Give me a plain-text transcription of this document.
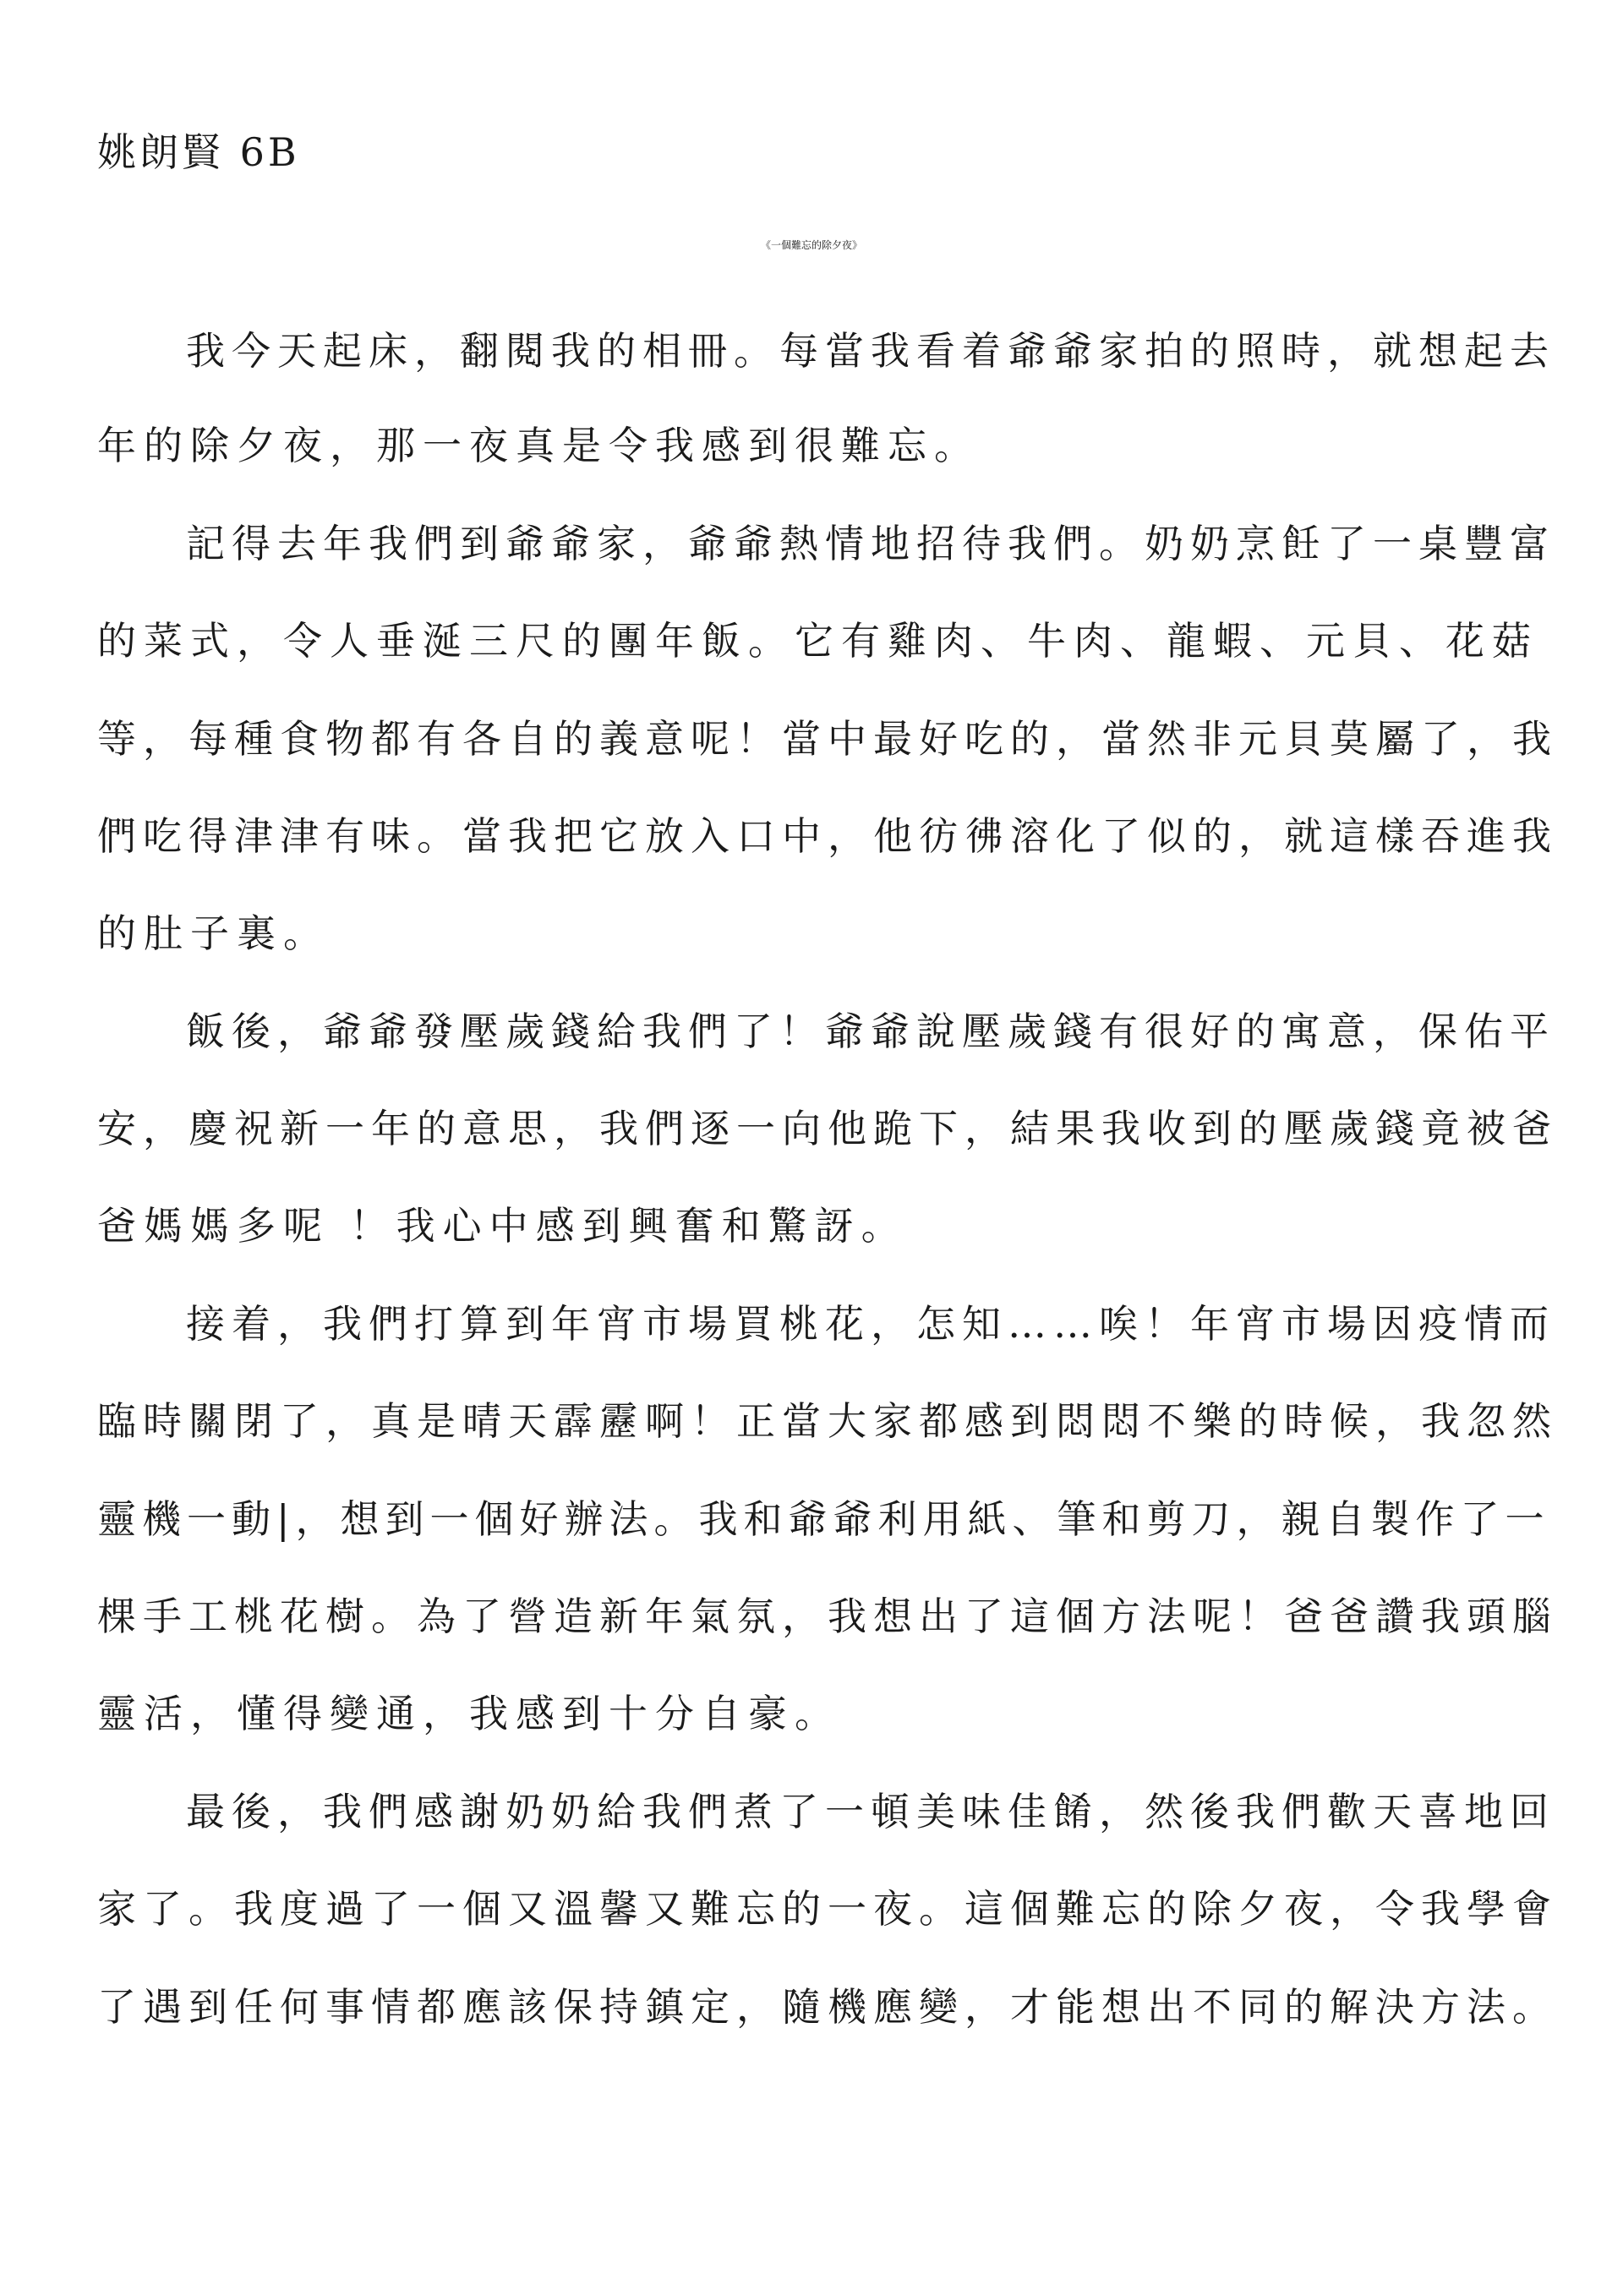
姚朗賢 6B
《一個難忘的除夕夜》
我今天起床，翻閱我的相冊。每當我看着爺爺家拍的照時，就想起去
年的除夕夜，那一夜真是令我感到很難忘。
記得去年我們到爺爺家，爺爺熱情地招待我們。奶奶烹飪了一桌豐富
的菜式，令人垂涎三尺的團年飯。它有雞肉、牛肉、龍蝦、元貝、花菇
等，每種食物都有各自的義意呢！當中最好吃的，當然非元貝莫屬了，我
們吃得津津有味。當我把它放入口中，他彷彿溶化了似的，就這樣吞進我
的肚子裏。
飯後，爺爺發壓歲錢給我們了！爺爺說壓歲錢有很好的寓意，保佑平
安，慶祝新一年的意思，我們逐一向他跪下，結果我收到的壓歲錢竟被爸
爸媽媽多呢 ！我心中感到興奮和驚訝。
接着，我們打算到年宵市場買桃花，怎知……唉！年宵市場因疫情而
臨時關閉了，真是晴天霹靂啊！正當大家都感到悶悶不樂的時候，我忽然
靈機一動|，想到一個好辦法。我和爺爺利用紙、筆和剪刀，親自製作了一
棵手工桃花樹。為了營造新年氣氛，我想出了這個方法呢！爸爸讚我頭腦
靈活，懂得變通，我感到十分自豪。
最後，我們感謝奶奶給我們煮了一頓美味佳餚，然後我們歡天喜地回
家了。我度過了一個又溫馨又難忘的一夜。這個難忘的除夕夜，令我學會
了遇到任何事情都應該保持鎮定，隨機應變，才能想出不同的解決方法。
